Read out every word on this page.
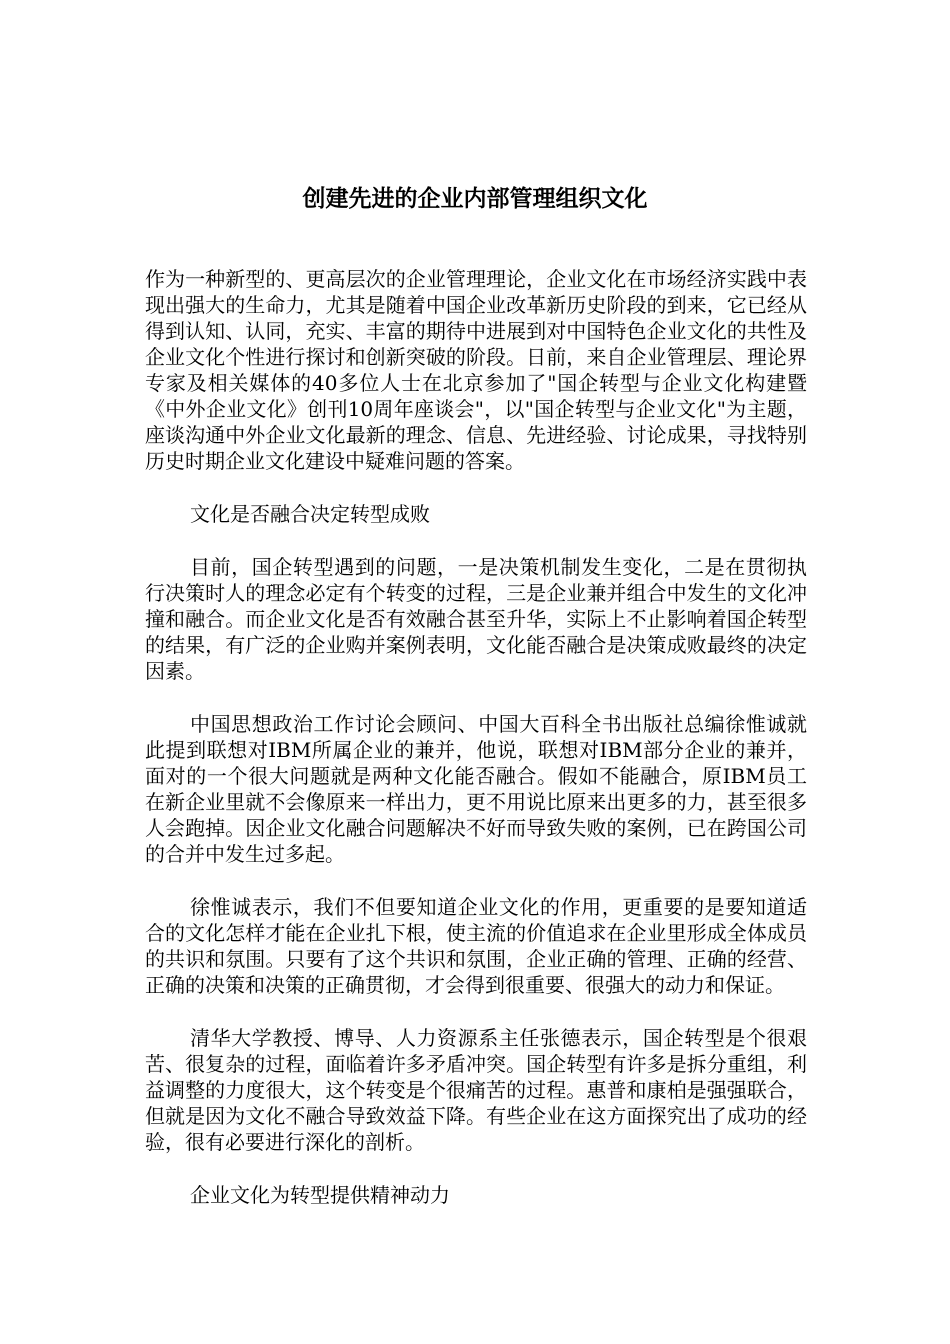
创建先进的企业内部管理组织文化

作为一种新型的、更高层次的企业管理理论，企业文化在市场经济实践中表现出强大的生命力，尤其是随着中国企业改革新历史阶段的到来，它已经从得到认知、认同，充实、丰富的期待中进展到对中国特色企业文化的共性及企业文化个性进行探讨和创新突破的阶段。日前，来自企业管理层、理论界专家及相关媒体的40多位人士在北京参加了"国企转型与企业文化构建暨《中外企业文化》创刊10周年座谈会"，以"国企转型与企业文化"为主题，座谈沟通中外企业文化最新的理念、信息、先进经验、讨论成果，寻找特别历史时期企业文化建设中疑难问题的答案。

文化是否融合决定转型成败

目前，国企转型遇到的问题，一是决策机制发生变化，二是在贯彻执行决策时人的理念必定有个转变的过程，三是企业兼并组合中发生的文化冲撞和融合。而企业文化是否有效融合甚至升华，实际上不止影响着国企转型的结果，有广泛的企业购并案例表明，文化能否融合是决策成败最终的决定因素。

中国思想政治工作讨论会顾问、中国大百科全书出版社总编徐惟诚就此提到联想对IBM所属企业的兼并，他说，联想对IBM部分企业的兼并，面对的一个很大问题就是两种文化能否融合。假如不能融合，原IBM员工在新企业里就不会像原来一样出力，更不用说比原来出更多的力，甚至很多人会跑掉。因企业文化融合问题解决不好而导致失败的案例，已在跨国公司的合并中发生过多起。

徐惟诚表示，我们不但要知道企业文化的作用，更重要的是要知道适合的文化怎样才能在企业扎下根，使主流的价值追求在企业里形成全体成员的共识和氛围。只要有了这个共识和氛围，企业正确的管理、正确的经营、正确的决策和决策的正确贯彻，才会得到很重要、很强大的动力和保证。

清华大学教授、博导、人力资源系主任张德表示，国企转型是个很艰苦、很复杂的过程，面临着许多矛盾冲突。国企转型有许多是拆分重组，利益调整的力度很大，这个转变是个很痛苦的过程。惠普和康柏是强强联合，但就是因为文化不融合导致效益下降。有些企业在这方面探究出了成功的经验，很有必要进行深化的剖析。

企业文化为转型提供精神动力
